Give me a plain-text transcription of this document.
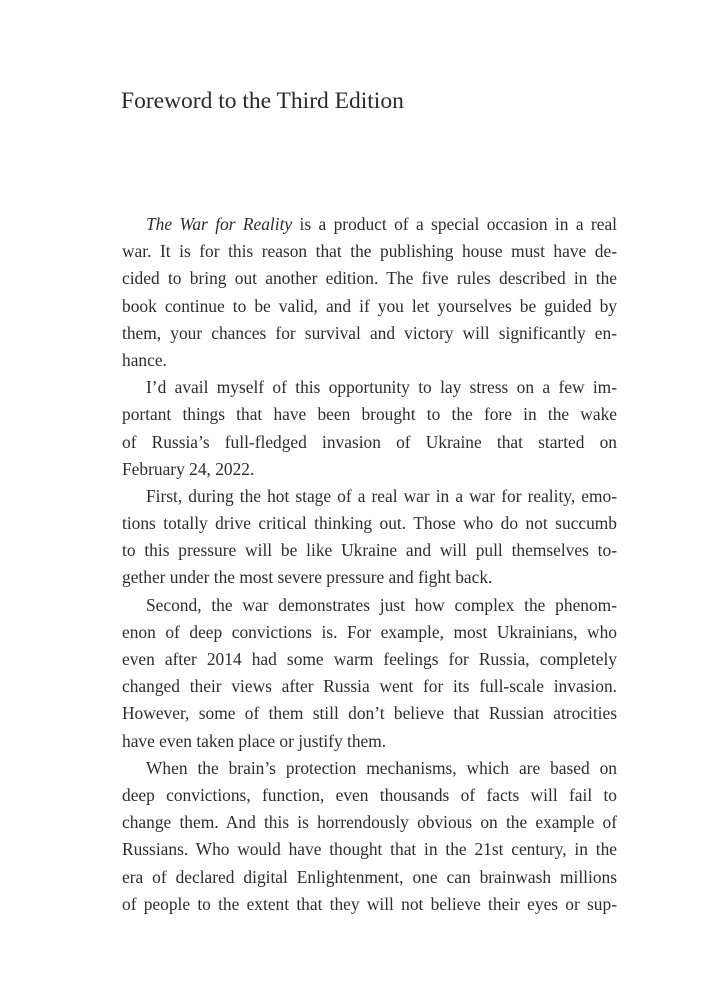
Foreword to the Third Edition
The War for Reality is a product of a special occasion in a real
war. It is for this reason that the publishing house must have de-
cided to bring out another edition. The five rules described in the
book continue to be valid, and if you let yourselves be guided by
them, your chances for survival and victory will significantly en-
hance.
I’d avail myself of this opportunity to lay stress on a few im-
portant things that have been brought to the fore in the wake
of Russia’s full-fledged invasion of Ukraine that started on
February 24, 2022.
First, during the hot stage of a real war in a war for reality, emo-
tions totally drive critical thinking out. Those who do not succumb
to this pressure will be like Ukraine and will pull themselves to-
gether under the most severe pressure and fight back.
Second, the war demonstrates just how complex the phenom-
enon of deep convictions is. For example, most Ukrainians, who
even after 2014 had some warm feelings for Russia, completely
changed their views after Russia went for its full-scale invasion.
However, some of them still don’t believe that Russian atrocities
have even taken place or justify them.
When the brain’s protection mechanisms, which are based on
deep convictions, function, even thousands of facts will fail to
change them. And this is horrendously obvious on the example of
Russians. Who would have thought that in the 21st century, in the
era of declared digital Enlightenment, one can brainwash millions
of people to the extent that they will not believe their eyes or sup-
